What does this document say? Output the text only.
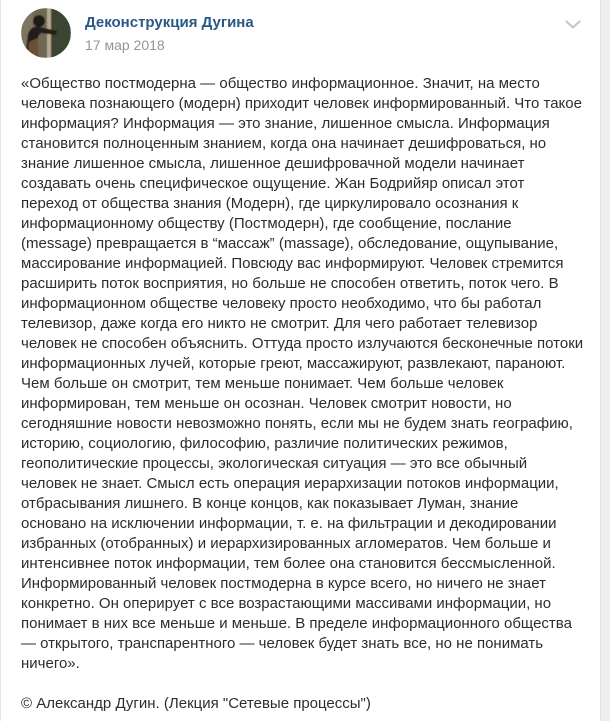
Деконструкция Дугина
17 мар 2018
«Общество постмодерна — общество информационное. Значит, на место человека познающего (модерн) приходит человек информированный. Что такое информация? Информация — это знание, лишенное смысла. Информация становится полноценным знанием, когда она начинает дешифроваться, но знание лишенное смысла, лишенное дешифровачной модели начинает создавать очень специфическое ощущение. Жан Бодрийяр описал этот переход от общества знания (Модерн), где циркулировало осознания к информационному обществу (Постмодерн), где сообщение, послание (message) превращается в “массаж” (massage), обследование, ощупывание, массирование информацией. Повсюду вас информируют. Человек стремится расширить поток восприятия, но больше не способен ответить, поток чего. В информационном обществе человеку просто необходимо, что бы работал телевизор, даже когда его никто не смотрит. Для чего работает телевизор человек не способен объяснить. Оттуда просто излучаются бесконечные потоки информационных лучей, которые греют, массажируют, развлекают, параноют. Чем больше он смотрит, тем меньше понимает. Чем больше человек информирован, тем меньше он осознан. Человек смотрит новости, но сегодняшние новости невозможно понять, если мы не будем знать географию, историю, социологию, философию, различие политических режимов, геополитические процессы, экологическая ситуация — это все обычный человек не знает. Смысл есть операция иерархизации потоков информации, отбрасывания лишнего. В конце концов, как показывает Луман, знание основано на исключении информации, т. е. на фильтрации и декодировании избранных (отобранных) и иерархизированных агломератов. Чем больше и интенсивнее поток информации, тем более она становится бессмысленной. Информированный человек постмодерна в курсе всего, но ничего не знает конкретно. Он оперирует с все возрастающими массивами информации, но понимает в них все меньше и меньше. В пределе информационного общества — открытого, транспарентного — человек будет знать все, но не понимать ничего».
© Александр Дугин. (Лекция "Сетевые процессы")
